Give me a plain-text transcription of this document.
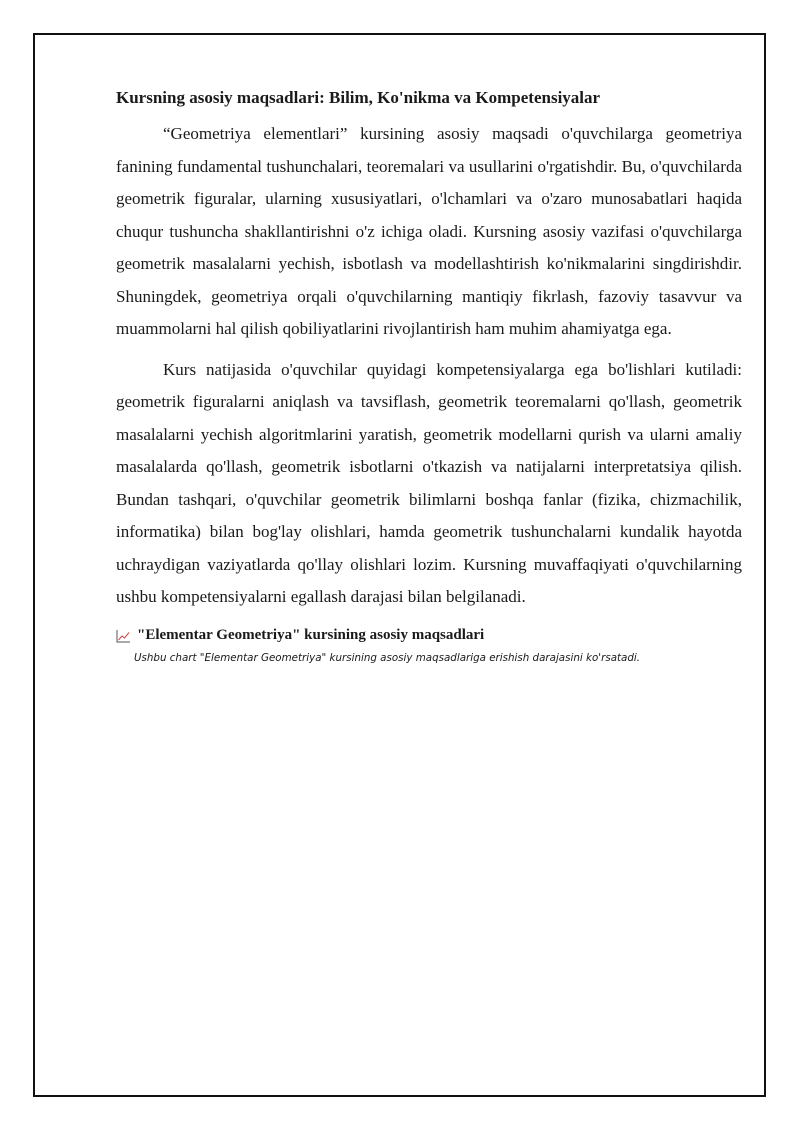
Kursning asosiy maqsadlari: Bilim, Ko'nikma va Kompetensiyalar

“Geometriya elementlari” kursining asosiy maqsadi o'quvchilarga geometriya fanining fundamental tushunchalari, teoremalari va usullarini o'rgatishdir. Bu, o'quvchilarda geometrik figuralar, ularning xususiyatlari, o'lchamlari va o'zaro munosabatlari haqida chuqur tushuncha shakllantirishni o'z ichiga oladi. Kursning asosiy vazifasi o'quvchilarga geometrik masalalarni yechish, isbotlash va modellashtirish ko'nikmalarini singdirishdir. Shuningdek, geometriya orqali o'quvchilarning mantiqiy fikrlash, fazoviy tasavvur va muammolarni hal qilish qobiliyatlarini rivojlantirish ham muhim ahamiyatga ega.

Kurs natijasida o'quvchilar quyidagi kompetensiyalarga ega bo'lishlari kutiladi: geometrik figuralarni aniqlash va tavsiflash, geometrik teoremalarni qo'llash, geometrik masalalarni yechish algoritmlarini yaratish, geometrik modellarni qurish va ularni amaliy masalalarda qo'llash, geometrik isbotlarni o'tkazish va natijalarni interpretatsiya qilish. Bundan tashqari, o'quvchilar geometrik bilimlarni boshqa fanlar (fizika, chizmachilik, informatika) bilan bog'lay olishlari, hamda geometrik tushunchalarni kundalik hayotda uchraydigan vaziyatlarda qo'llay olishlari lozim. Kursning muvaffaqiyati o'quvchilarning ushbu kompetensiyalarni egallash darajasi bilan belgilanadi.

"Elementar Geometriya" kursining asosiy maqsadlari
Ushbu chart "Elementar Geometriya" kursining asosiy maqsadlariga erishish darajasini ko'rsatadi.
